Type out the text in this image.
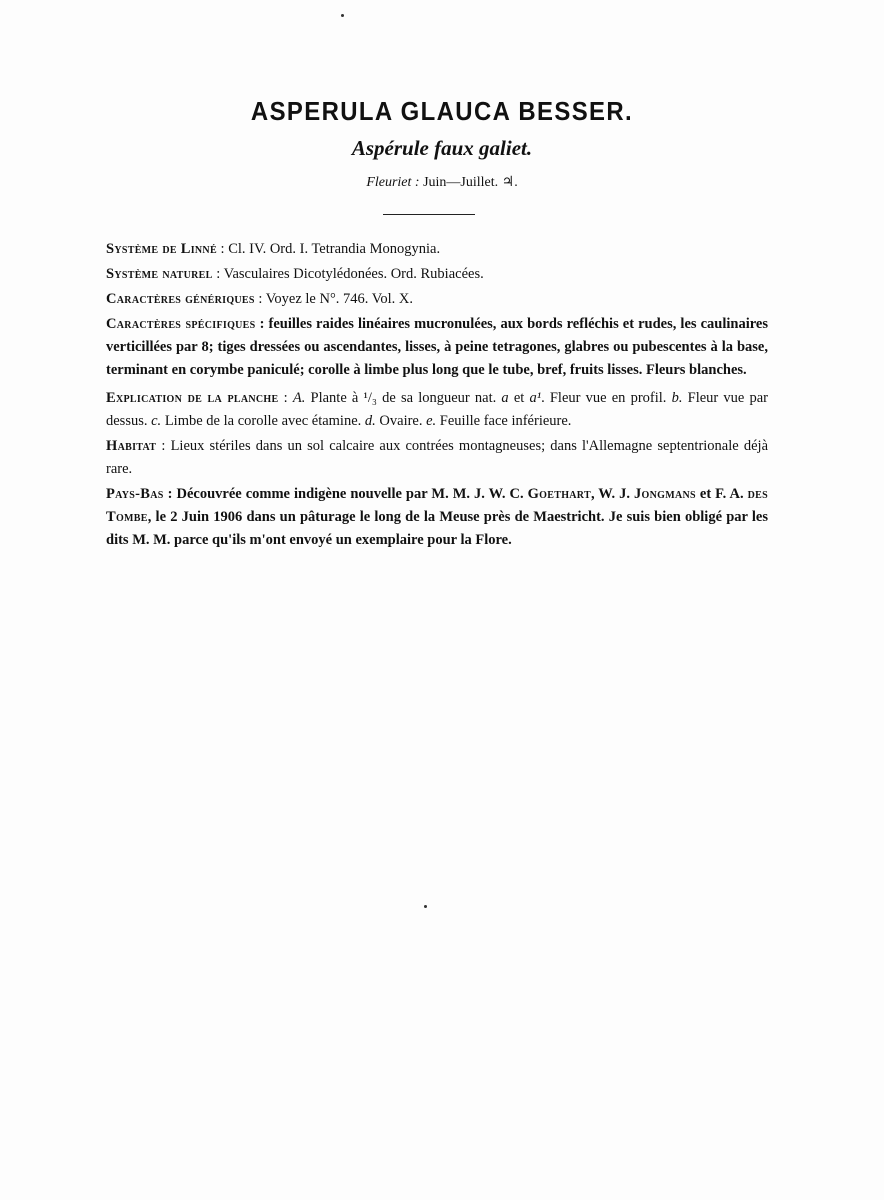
ASPERULA GLAUCA BESSER.
Aspérule faux galiet.
Fleuriet : Juin—Juillet. ♃.

Système de Linné : Cl. IV. Ord. I. Tetrandia Monogynia.

Système naturel : Vasculaires Dicotylédonées. Ord. Rubiacées.

Caractères génériques : Voyez le N°. 746. Vol. X.

Caractères spécifiques : feuilles raides linéaires mucronulées, aux bords refléchis et rudes, les caulinaires verticillées par 8; tiges dressées ou ascendantes, lisses, à peine tetragones, glabres ou pubescentes à la base, terminant en corymbe paniculé; corolle à limbe plus long que le tube, bref, fruits lisses. Fleurs blanches.

Explication de la planche : A. Plante à ¹/₃ de sa longueur nat. a et a¹. Fleur vue en profil. b. Fleur vue par dessus. c. Limbe de la corolle avec étamine. d. Ovaire. e. Feuille face inférieure.

Habitat : Lieux stériles dans un sol calcaire aux contrées montagneuses; dans l'Allemagne septentrionale déjà rare.

Pays-Bas : Découvrée comme indigène nouvelle par M. M. J. W. C. Goethart, W. J. Jongmans et F. A. des Tombe, le 2 Juin 1906 dans un pâturage le long de la Meuse près de Maestricht. Je suis bien obligé par les dits M. M. parce qu'ils m'ont envoyé un exemplaire pour la Flore.
